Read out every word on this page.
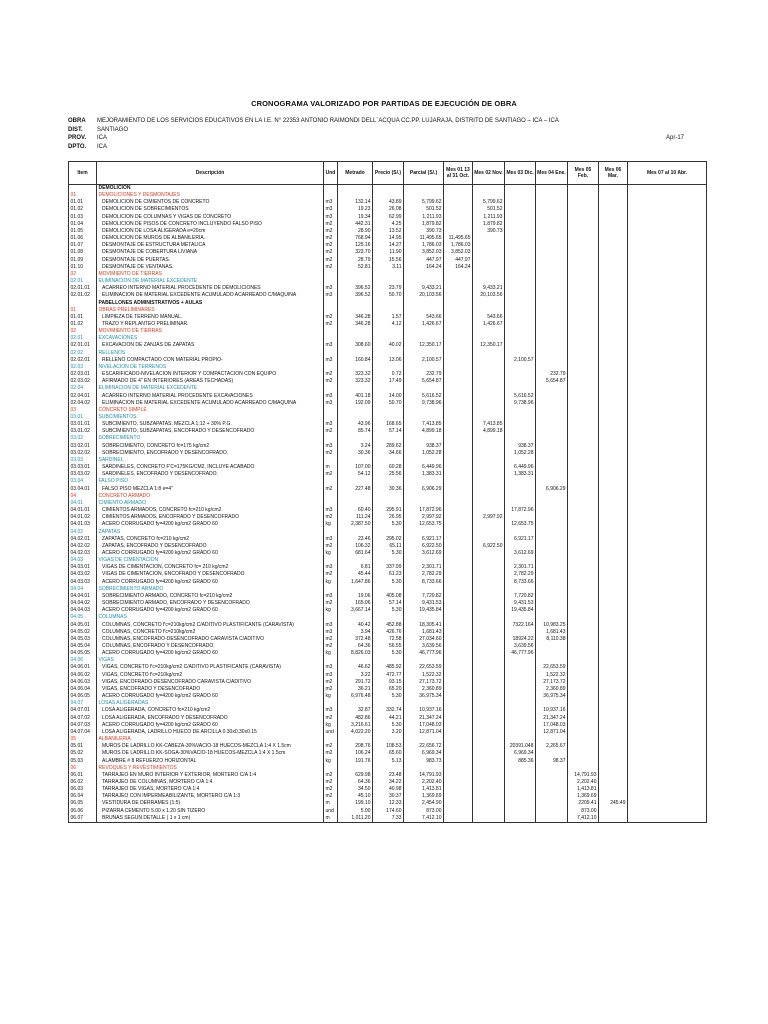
CRONOGRAMA VALORIZADO POR PARTIDAS DE EJECUCIÓN DE OBRA
OBRA MEJORAMIENTO DE LOS SERVICIOS EDUCATIVOS EN LA I.E. N° 22353 ANTONIO RAIMONDI DELL´ACQUA CC.PP. LUJARAJA, DISTRITO DE SANTIAGO – ICA – ICA
DIST. SANTIAGO
PROV. ICA	Apr-17
DPTO. ICA
Item	Descripción	Und	Metrado	Precio (S/.)	Parcial (S/.)	Mes 01 13 al 31 Oct.	Mes 02 Nov.	Mes 03 Dic.	Mes 04 Ene.	Mes 05 Feb.	Mes 06 Mar.	Mes 07 al 10 Abr.
	DEMOLICION											
01	DEMOLICIONES Y DESMONTAJES											
01.01	DEMOLICION DE CIMIENTOS DE CONCRETO	m3	132.14	43.89	5,799.62		5,799.62					
01.02	DEMOLICION DE SOBRECIMIENTOS	m3	19.23	26.08	501.52		501.52					
01.03	DEMOLICION DE COLUMNAS Y VIGAS DE CONCRETO	m3	19.34	62.99	1,211.93		1,211.93					
01.04	DEMOLICION DE PISOS DE CONCRETO INCLUYENDO FALSO PISO	m2	442.31	4.25	1,879.82		1,879.82					
01.05	DEMOLICION DE LOSA ALIGERADA e=20cm	m2	28.90	13.52	390.73		390.73					
01.06	DEMOLICION DE MUROS DE ALBAÑILERIA.	m2	768.94	14.95	11,495.65	11,495.65						
01.07	DESMONTAJE DE ESTRUCTURA METALICA	m2	125.16	14.27	1,786.03	1,786.03						
01.08	DESMONTAJE DE COBERTURA LIVIANA	m2	323.70	11.90	3,852.03	3,852.03						
01.09	DESMONTAJE DE PUERTAS.	m2	28.79	15.56	447.97	447.97						
01.10	DESMONTAJE DE VENTANAS.	m2	52.81	3.11	164.24	164.24						
02	MOVIMIENTO DE TIERRAS											
02.01	ELIMINACION DE MATERIAL EXCEDENTE											
02.01.01	ACARREO INTERNO MATERIAL PROCEDENTE DE DEMOLICIONES	m3	396.52	23.79	9,433.21		9,433.21					
02.01.02	ELIMINACION DE MATERIAL EXCEDENTE ACUMULADO ACARREADO C/MAQUINA	m3	396.52	50.70	20,103.56		20,103.56					
	PABELLONES ADMINISTRATIVOS + AULAS											
01	OBRAS PRELIMINARES											
01.01	LIMPIEZA DE TERRENO MANUAL.	m2	346.28	1.57	543.66		543.66					
01.02	TRAZO Y REPLANTEO PRELIMINAR.	m2	346.28	4.12	1,426.67		1,426.67					
02	MOVIMIENTO DE TIERRAS											
02.01	EXCAVACIONES											
02.01.01	EXCAVACION DE ZANJAS DE ZAPATAS	m3	308.60	40.02	12,350.17		12,350.17					
02.02	RELLENOS											
02.02.01	RELLENO COMPACTADO CON MATERIAL PROPIO-	m3	160.84	13.06	2,100.57			2,100.57				
02.03	NIVELACION DE TERRENOS											
02.03.01	ESCARIFICADO-NIVELACION INTERIOR Y COMPACTACION CON EQUIPO	m2	323.32	0.72	232.79				232.79			
02.03.02	AFIRMADO DE 4" EN INTERIORES (AREAS TECHADAS)	m2	323.32	17.49	5,654.87				5,654.87			
02.04	ELIMINACION DE MATERIAL EXCEDENTE											
02.04.01	ACARREO INTERNO MATERIAL PROCEDENTE EXCAVACIONES	m3	401.18	14.00	5,616.52			5,616.52				
02.04.02	ELIMINACION DE MATERIAL EXCEDENTE ACUMULADO ACARREADO C/MAQUINA	m3	192.09	50.70	9,738.96			9,738.96				
03	CONCRETO SIMPLE											
03.01	SUBCIMIENTOS											
03.01.01	SUBCIMIENTO, SUBZAPATAS: MEZCLA 1:12 + 30% P.G.	m3	43.96	168.65	7,413.85		7,413.85					
03.01.02	SUBCIMIENTO, SUBZAPATAS, ENCOFRADO Y DESENCOFRADO	m2	85.74	57.14	4,899.18		4,899.18					
03.02	SOBRECIMIENTO											
03.02.01	SOBRECIMIENTO, CONCRETO fc=175 kg/cm2	m3	3.24	289.62	938.37			938.37				
03.02.02	SOBRECIMIENTO, ENCOFRADO Y DESENCOFRADO.	m2	30.36	34.66	1,052.28			1,052.28				
03.03	SARDINEL											
03.03.01	SARDINELES, CONCRETO F'C=175KG/CM2, INCLUYE ACABADO	m	107.00	60.28	6,449.96			6,449.96				
03.03.02	SARDINELES, ENCOFRADO Y DESENCOFRADO.	m2	54.12	25.56	1,383.31			1,383.31				
03.04	FALSO PISO											
03.04.01	FALSO PISO MEZCLA 1:8 e=4"	m2	227.48	30.36	6,906.29				6,906.29			
04	CONCRETO ARMADO											
04.01	CIMIENTO ARMADO											
04.01.01	CIMIENTOS ARMADOS, CONCRETO fc=210 kg/cm2	m3	60.40	295.91	17,872.96			17,872.96				
04.01.02	CIMIENTOS ARMADOS, ENCOFRADO Y DESENCOFRADO	m2	111.24	26.95	2,997.92		2,997.92					
04.01.03	ACERO CORRUGADO fy=4200 kg/cm2 GRADO 60	kg	2,387.50	5.30	12,653.75			12,653.75				
04.02	ZAPATAS											
04.02.01	ZAPATAS, CONCRETO fc=210 kg/cm2	m3	23.46	295.02	6,921.17			6,921.17				
04.02.02	ZAPATAS, ENCOFRADO Y DESENCOFRADO	m2	106.32	65.11	6,922.50		6,922.50					
04.02.03	ACERO CORRUGADO fy=4200 kg/cm2 GRADO 60	kg	681.64	5.30	3,612.69			3,612.69				
04.03	VIGAS DE CIMENTACION											
04.03.01	VIGAS DE CIMENTACION, CONCRETO fc= 210 kg/cm2	m3	6.81	337.99	2,301.71			2,301.71				
04.03.02	VIGAS DE CIMENTACION, ENCOFRADO Y DESENCOFRADO	m2	45.44	61.23	2,782.29			2,782.29				
04.03.03	ACERO CORRUGADO fy=4200 kg/cm2 GRADO 60	kg	1,647.86	5.30	8,733.66			8,733.66				
04.04	SOBRECIMIENTO ARMADO											
04.04.01	SOBRECIMIENTO ARMADO, CONCRETO fc=210 kg/cm2	m3	19.06	405.08	7,720.82			7,720.82				
04.04.02	SOBRECIMIENTO ARMADO, ENCOFRADO Y DESENCOFRADO	m2	165.06	57.14	9,431.53			9,431.53				
04.04.03	ACERO CORRUGADO fy=4200 kg/cm2 GRADO 60	kg	3,667.14	5.30	19,435.84			19,435.84				
04.05	COLUMNAS											
04.05.01	COLUMNAS, CONCRETO f'c=210kg/cm2 C/ADITIVO PLASTIFICANTE (CARAVISTA)	m3	40.42	452.88	18,305.41			7322.164	10,983.25			
04.05.02	COLUMNAS, CONCRETO f'c=210kg/cm2	m3	3.94	426.76	1,681.43				1,681.43			
04.05.03	COLUMNAS, ENCOFRADO-DESENCOFRADO CARAVISTA C/ADITIVO	m2	372.48	72.58	27,034.60			18924.22	8,110.38			
04.05.04	COLUMNAS, ENCOFRADO Y DESENCOFRADO.	m2	64.36	56.55	3,639.56			3,639.56				
04.05.05	ACERO CORRUGADO fy=4200 kg/cm2 GRADO 60	kg	8,826.03	5.30	46,777.96			46,777.96				
04.06	VIGAS											
04.06.01	VIGAS, CONCRETO f'c=210kg/cm2 C/ADITIVO PLASTIFICANTE (CARAVISTA)	m3	46.62	485.92	22,653.59				22,653.59			
04.06.02	VIGAS, CONCRETO f'c=210kg/cm2	m3	3.22	472.77	1,522.32				1,522.32			
04.06.03	VIGAS, ENCOFRADO-DESENCOFRADO CARAVISTA C/ADITIVO	m2	291.72	93.15	27,173.72				27,173.72			
04.06.04	VIGAS, ENCOFRADO Y DESENCOFRADO	m2	36.21	65.20	2,360.89				2,360.89			
04.06.05	ACERO CORRUGADO fy=4200 kg/cm2 GRADO 60	kg	6,976.48	5.30	36,975.34				36,975.34			
04.07	LOSAS ALIGERADAS											
04.07.01	LOSA ALIGERADA, CONCRETO fc=210 kg/cm2	m3	32.87	332.74	10,937.16				10,937.16			
04.07.02	LOSA ALIGERADA, ENCOFRADO Y DESENCOFRADO	m2	482.86	44.21	21,347.24				21,347.24			
04.07.03	ACERO CORRUGADO fy=4200 kg/cm2 GRADO 60	kg	3,216.61	5.30	17,048.03				17,048.03			
04.07.04	LOSA ALIGERADA, LADRILLO HUECO DE ARCILLA 0.30x0.30x0.15	und	4,022.20	3.20	12,871.04				12,871.04			
05	ALBAÑILERIA											
05.01	MUROS DE LADRILLO KK-CABEZA-30%VACIO-18 HUECOS-MEZCLA 1:4 X 1.5cm	m2	208.76	108.53	22,656.72			20391.048	2,265.67			
05.02	MUROS DE LADRILLO KK-SOGA-30%VACIO-18 HUECOS-MEZCLA 1:4 X 1.5cm	m2	106.24	65.60	6,969.34			6,969.34				
05.03	ALAMBRE # 8 REFUERZO HORIZONTAL	kg	191.76	5.13	983.73			885.36	98.37			
06	REVOQUES Y REVESTIMIENTOS											
06.01	TARRAJEO EN MURO INTERIOR Y EXTERIOR, MORTERO C/A 1:4	m2	629.98	23.48	14,791.93					14,791.93		
06.02	TARRAJEO DE COLUMNAS, MORTERO C/A 1:4	m2	64.36	34.22	2,202.40					2,202.40		
06.03	TARRAJEO DE VIGAS, MORTERO C/A 1:4	m2	34.50	40.98	1,413.81					1,413.81		
06.04	TARRAJEO CON IMPERMEABILIZANTE, MORTERO C/A 1:3	m2	45.10	30.37	1,369.69					1,369.69		
06.05	VESTIDURA DE DERRAMES (1:5)	m	199.10	12.33	2,454.90					2209.41	245.49	
06.06	PIZARRA CEMENTO 5.00 x 1.20 SIN TIZERO	und	5.00	174.60	873.00					873.00		
06.07	BRUÑAS SEGUN DETALLE ( 1 x 1 cm)	m	1,011.20	7.33	7,412.10					7,412.10		
